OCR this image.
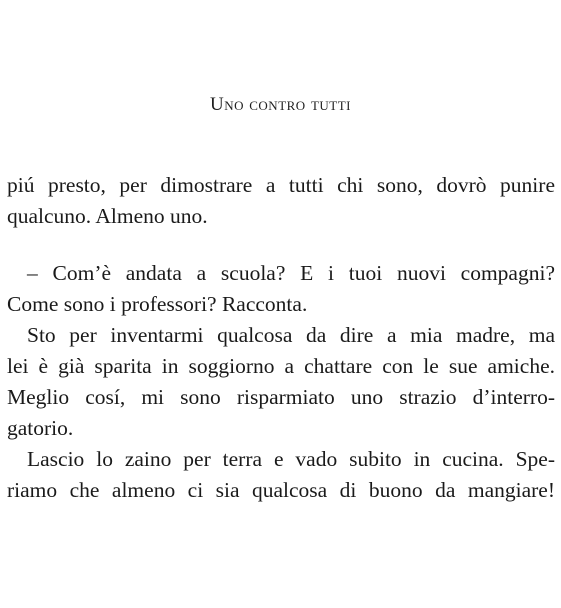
Uno contro tutti
piú presto, per dimostrare a tutti chi sono, dovrò punire
qualcuno. Almeno uno.
– Com’è andata a scuola? E i tuoi nuovi compagni?
Come sono i professori? Racconta.
Sto per inventarmi qualcosa da dire a mia madre, ma
lei è già sparita in soggiorno a chattare con le sue amiche.
Meglio cosí, mi sono risparmiato uno strazio d’interro-
gatorio.
Lascio lo zaino per terra e vado subito in cucina. Spe-
riamo che almeno ci sia qualcosa di buono da mangiare!
